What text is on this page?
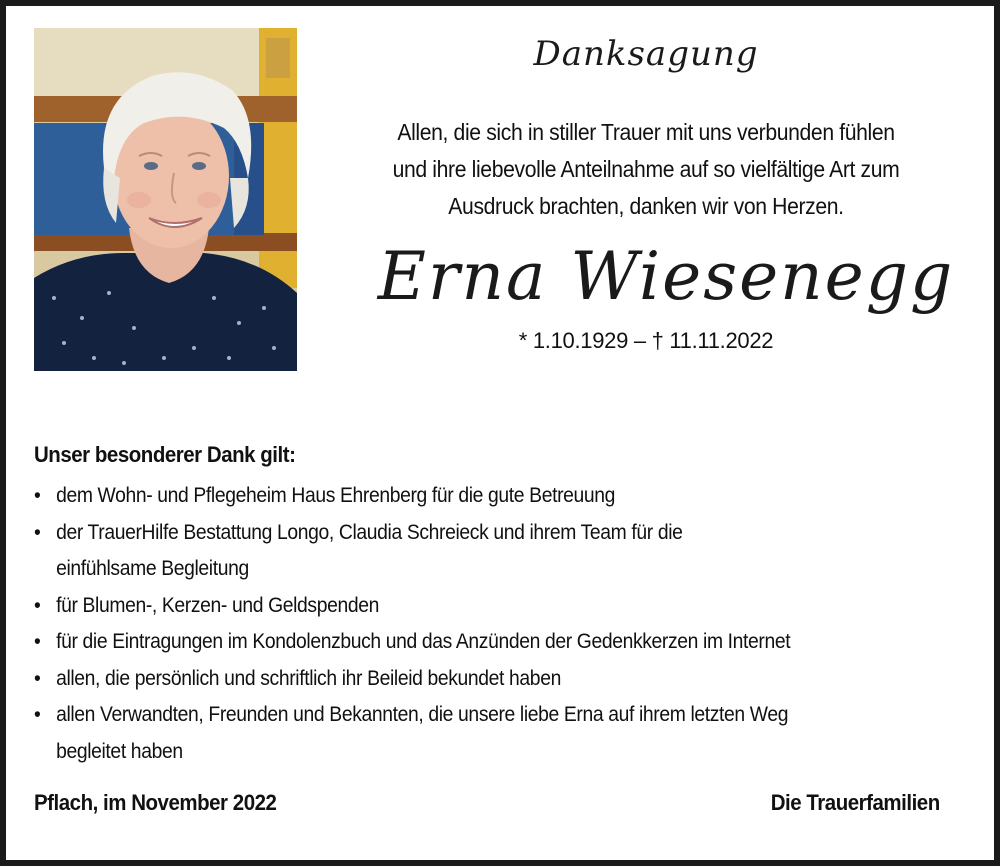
Danksagung
Allen, die sich in stiller Trauer mit uns verbunden fühlen
und ihre liebevolle Anteilnahme auf so vielfältige Art zum
Ausdruck brachten, danken wir von Herzen.
Erna Wiesenegg
* 1.10.1929 – † 11.11.2022
Unser besonderer Dank gilt:
• dem Wohn- und Pflegeheim Haus Ehrenberg für die gute Betreuung
• der TrauerHilfe Bestattung Longo, Claudia Schreieck und ihrem Team für die
einfühlsame Begleitung
• für Blumen-, Kerzen- und Geldspenden
• für die Eintragungen im Kondolenzbuch und das Anzünden der Gedenkkerzen im Internet
• allen, die persönlich und schriftlich ihr Beileid bekundet haben
• allen Verwandten, Freunden und Bekannten, die unsere liebe Erna auf ihrem letzten Weg
begleitet haben
Pflach, im November 2022	Die Trauerfamilien
